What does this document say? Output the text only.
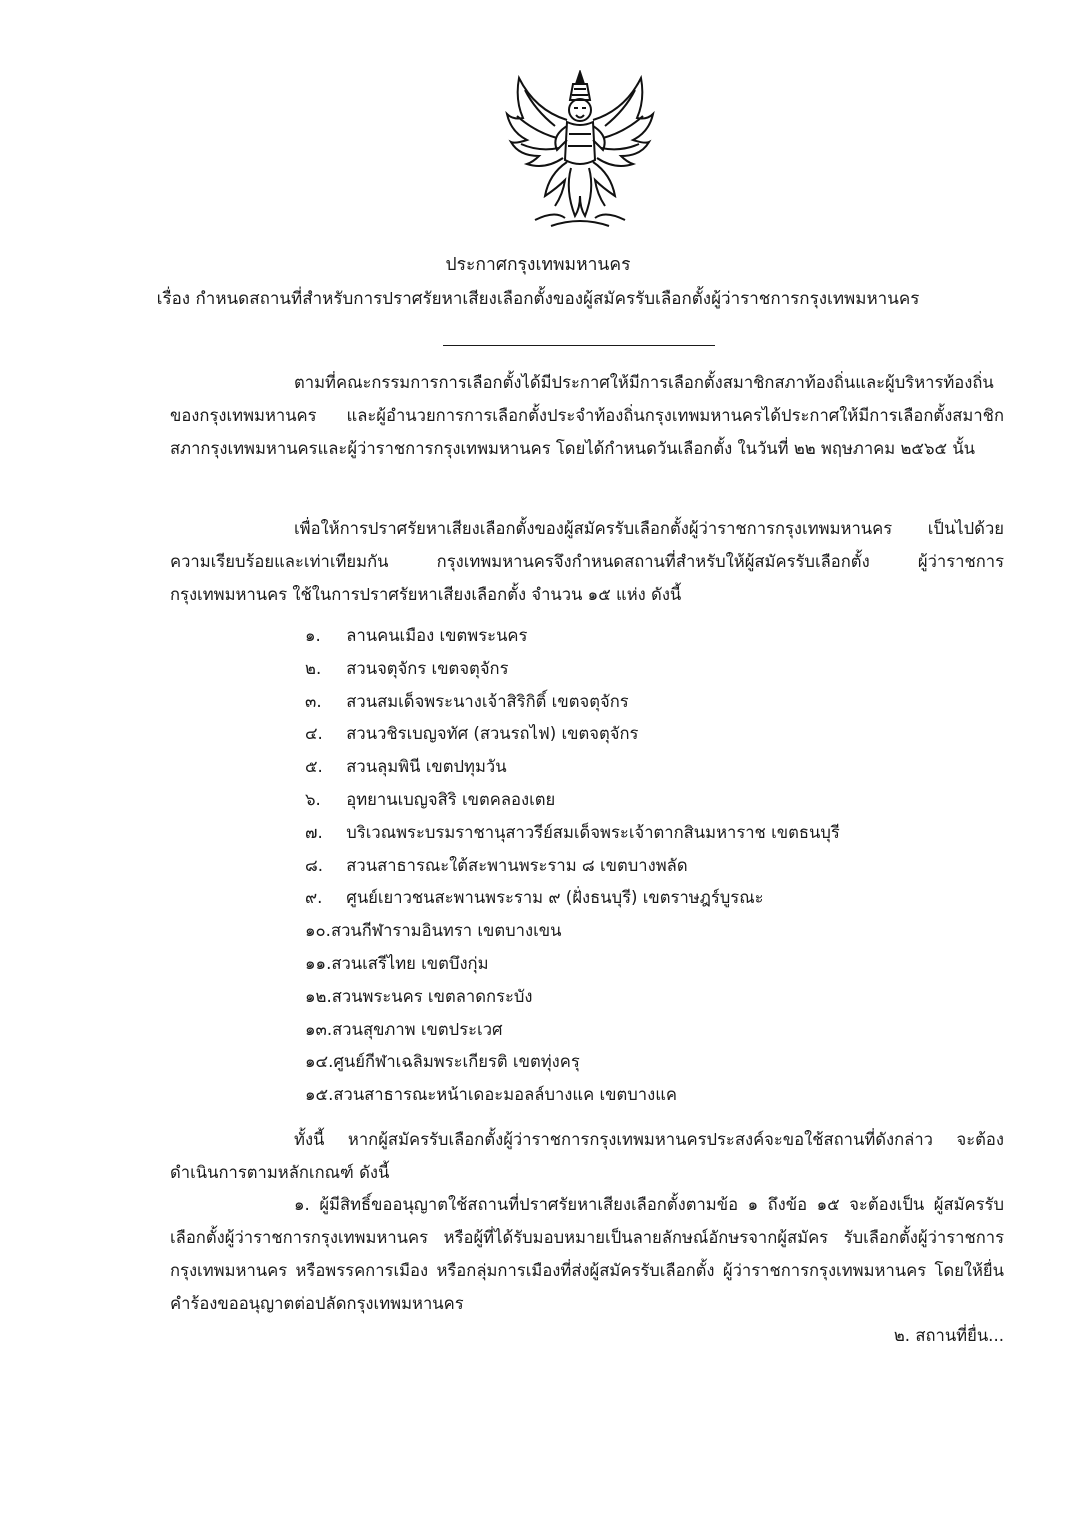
ประกาศกรุงเทพมหานคร
เรื่อง กำหนดสถานที่สำหรับการปราศรัยหาเสียงเลือกตั้งของผู้สมัครรับเลือกตั้งผู้ว่าราชการกรุงเทพมหานคร
ตามที่คณะกรรมการการเลือกตั้งได้มีประกาศให้มีการเลือกตั้งสมาชิกสภาท้องถิ่นและผู้บริหารท้องถิ่นของกรุงเทพมหานคร และผู้อำนวยการการเลือกตั้งประจำท้องถิ่นกรุงเทพมหานครได้ประกาศให้มีการเลือกตั้งสมาชิกสภากรุงเทพมหานครและผู้ว่าราชการกรุงเทพมหานคร โดยได้กำหนดวันเลือกตั้ง ในวันที่ ๒๒ พฤษภาคม ๒๕๖๕ นั้น
เพื่อให้การปราศรัยหาเสียงเลือกตั้งของผู้สมัครรับเลือกตั้งผู้ว่าราชการกรุงเทพมหานคร เป็นไปด้วยความเรียบร้อยและเท่าเทียมกัน กรุงเทพมหานครจึงกำหนดสถานที่สำหรับให้ผู้สมัครรับเลือกตั้ง ผู้ว่าราชการกรุงเทพมหานคร ใช้ในการปราศรัยหาเสียงเลือกตั้ง จำนวน ๑๕ แห่ง ดังนี้
๑. ลานคนเมือง เขตพระนคร
๒. สวนจตุจักร เขตจตุจักร
๓. สวนสมเด็จพระนางเจ้าสิริกิติ์ เขตจตุจักร
๔. สวนวชิรเบญจทัศ (สวนรถไฟ) เขตจตุจักร
๕. สวนลุมพินี เขตปทุมวัน
๖. อุทยานเบญจสิริ เขตคลองเตย
๗. บริเวณพระบรมราชานุสาวรีย์สมเด็จพระเจ้าตากสินมหาราช เขตธนบุรี
๘. สวนสาธารณะใต้สะพานพระราม ๘ เขตบางพลัด
๙. ศูนย์เยาวชนสะพานพระราม ๙ (ฝั่งธนบุรี) เขตราษฎร์บูรณะ
๑๐.สวนกีฬารามอินทรา เขตบางเขน
๑๑.สวนเสรีไทย เขตบึงกุ่ม
๑๒.สวนพระนคร เขตลาดกระบัง
๑๓.สวนสุขภาพ เขตประเวศ
๑๔.ศูนย์กีฬาเฉลิมพระเกียรติ เขตทุ่งครุ
๑๕.สวนสาธารณะหน้าเดอะมอลล์บางแค เขตบางแค
ทั้งนี้ หากผู้สมัครรับเลือกตั้งผู้ว่าราชการกรุงเทพมหานครประสงค์จะขอใช้สถานที่ดังกล่าว จะต้องดำเนินการตามหลักเกณฑ์ ดังนี้
๑. ผู้มีสิทธิ์ขออนุญาตใช้สถานที่ปราศรัยหาเสียงเลือกตั้งตามข้อ ๑ ถึงข้อ ๑๕ จะต้องเป็น ผู้สมัครรับเลือกตั้งผู้ว่าราชการกรุงเทพมหานคร หรือผู้ที่ได้รับมอบหมายเป็นลายลักษณ์อักษรจากผู้สมัคร รับเลือกตั้งผู้ว่าราชการกรุงเทพมหานคร หรือพรรคการเมือง หรือกลุ่มการเมืองที่ส่งผู้สมัครรับเลือกตั้ง ผู้ว่าราชการกรุงเทพมหานคร โดยให้ยื่นคำร้องขออนุญาตต่อปลัดกรุงเทพมหานคร
๒. สถานที่ยื่น...
